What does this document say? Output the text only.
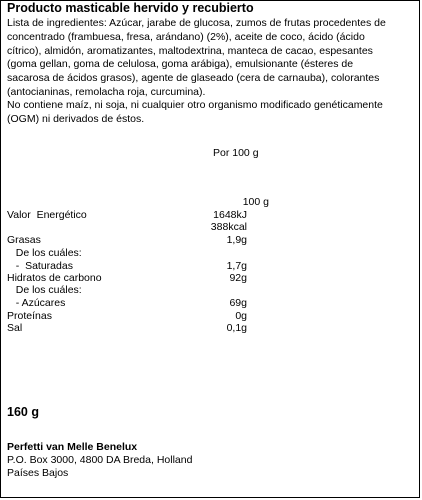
Producto masticable hervido y recubierto
Lista de ingredientes: Azúcar, jarabe de glucosa, zumos de frutas procedentes de
concentrado (frambuesa, fresa, arándano) (2%), aceite de coco, ácido (ácido
cítrico), almidón, aromatizantes, maltodextrina, manteca de cacao, espesantes
(goma gellan, goma de celulosa, goma arábiga), emulsionante (ésteres de
sacarosa de ácidos grasos), agente de glaseado (cera de carnauba), colorantes
(antocianinas, remolacha roja, curcumina).
No contiene maíz, ni soja, ni cualquier otro organismo modificado genéticamente
(OGM) ni derivados de éstos.
Por 100 g
100 g
Valor  Energético	1648kJ
388kcal
Grasas	1,9g
De los cuáles:
-  Saturadas	1,7g
Hidratos de carbono	92g
De los cuáles:
- Azúcares	69g
Proteínas	0g
Sal	0,1g
160 g
Perfetti van Melle Benelux
P.O. Box 3000, 4800 DA Breda, Holland
Países Bajos
